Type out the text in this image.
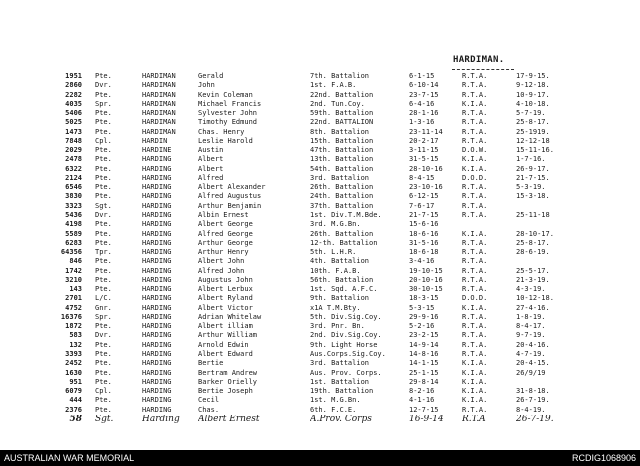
HARDIMAN.
1951 Pte.	HARDIMAN	Gerald	7th. Battalion	6-1-15	R.T.A.	17-9-15.
2860 Dvr.	HARDIMAN	John	1st. F.A.B.	6-10-14	R.T.A.	9-12-18.
2282 Pte.	HARDIMAN	Kevin Coleman	22nd. Battalion	23-7-15	R.T.A.	10-9-17.
4035 Spr.	HARDIMAN	Michael Francis	2nd. Tun.Coy.	6-4-16	K.I.A.	4-10-18.
5406 Pte.	HARDIMAN	Sylvester John	59th. Battalion	28-1-16	R.T.A.	5-7-19.
5025 Pte.	HARDIMAN	Timothy Edmund	22nd. BATTALION	1-3-16	R.T.A.	25-8-17.
1473 Pte.	HARDIMAN	Chas. Henry	8th. Battalion	23-11-14	R.T.A.	25-1919.
7848 Cpl.	HARDIN	Leslie Harold	15th. Battalion	20-2-17	R.T.A.	12-12-18
2029 Pte.	HARDINE	Austin	47th. Battalion	3-11-15	D.O.W.	15-11-16.
2478 Pte.	HARDING	Albert	13th. Battalion	31-5-15	K.I.A.	1-7-16.
6322 Pte.	HARDING	Albert	54th. Battalion	28-10-16	K.I.A.	26-9-17.
2124 Pte.	HARDING	Alfred	3rd. Battalion	8-4-15	D.O.D.	21-7-15.
6546 Pte.	HARDING	Albert Alexander	26th. Battalion	23-10-16	R.T.A.	5-3-19.
3830 Pte.	HARDING	Alfred Augustus	24th. Battalion	6-12-15	R.T.A.	15-3-18.
3323 Sgt.	HARDING	Arthur Benjamin	37th. Battalion	7-6-17	R.T.A.
5436 Dvr.	HARDING	Albin Ernest	1st. Div.T.M.Bde.	21-7-15	R.T.A.	25-11-18
4198 Pte.	HARDING	Albert George	3rd. M.G.Bn.	15-6-16
5589 Pte.	HARDING	Alfred George	26th. Battalion	18-6-16	K.I.A.	28-10-17.
6283 Pte.	HARDING	Arthur George	12-th. Battalion	31-5-16	R.T.A.	25-8-17.
64356 Tpr.	HARDING	Arthur Henry	5th. L.H.R.	18-6-18	R.T.A.	28-6-19.
846 Pte.	HARDING	Albert John	4th. Battalion	3-4-16	R.T.A.
1742 Pte.	HARDING	Alfred John	10th. F.A.B.	19-10-15	R.T.A.	25-5-17.
3210 Pte.	HARDING	Augustus John	56th. Battalion	20-10-16	R.T.A.	21-3-19.
143 Pte.	HARDING	Albert Lerbux	1st. Sqd. A.F.C.	30-10-15	R.T.A.	4-3-19.
2701 L/C.	HARDING	Albert Ryland	9th. Battalion	18-3-15	D.O.D.	10-12-18.
4752 Gnr.	HARDING	Albert Victor	x1A T.M.Bty.	5-3-15	K.I.A.	27-4-16.
16376 Spr.	HARDING	Adrian Whitelaw	5th. Div.Sig.Coy.	29-9-16	R.T.A.	1-8-19.
1872 Pte.	HARDING	Albert illiam	3rd. Pnr. Bn.	5-2-16	R.T.A.	8-4-17.
583 Dvr.	HARDING	Arthur William	2nd. Div.Sig.Coy.	23-2-15	R.T.A.	9-7-19.
132 Pte.	HARDING	Arnold Edwin	9th. Light Horse	14-9-14	R.T.A.	20-4-16.
3393 Pte.	HARDING	Albert Edward	Aus.Corps.Sig.Coy.	14-8-16	R.T.A.	4-7-19.
2452 Pte.	HARDING	Bertie	3rd. Battalion	14-1-15	K.I.A.	20-4-15.
1630 Pte.	HARDING	Bertram Andrew	Aus. Prov. Corps.	25-1-15	K.I.A.	26/9/19
951 Pte.	HARDING	Barker Orielly	1st. Battalion	29-8-14	K.I.A.
6079 Cpl.	HARDING	Bertie Joseph	19th. Battalion	8-2-16	K.I.A.	31-8-18.
444 Pte.	HARDING	Cecil	1st. M.G.Bn.	4-1-16	K.I.A.	26-7-19.
2376 Pte.	HARDING	Chas.	6th. F.C.E.	12-7-15	R.T.A.	8-4-19.
58 Sgt.	Harding	Albert Ernest	A.Prov. Corps	16-9-14	R.T.A	26-7-19.
AUSTRALIAN WAR MEMORIAL	RCDIG1068906
